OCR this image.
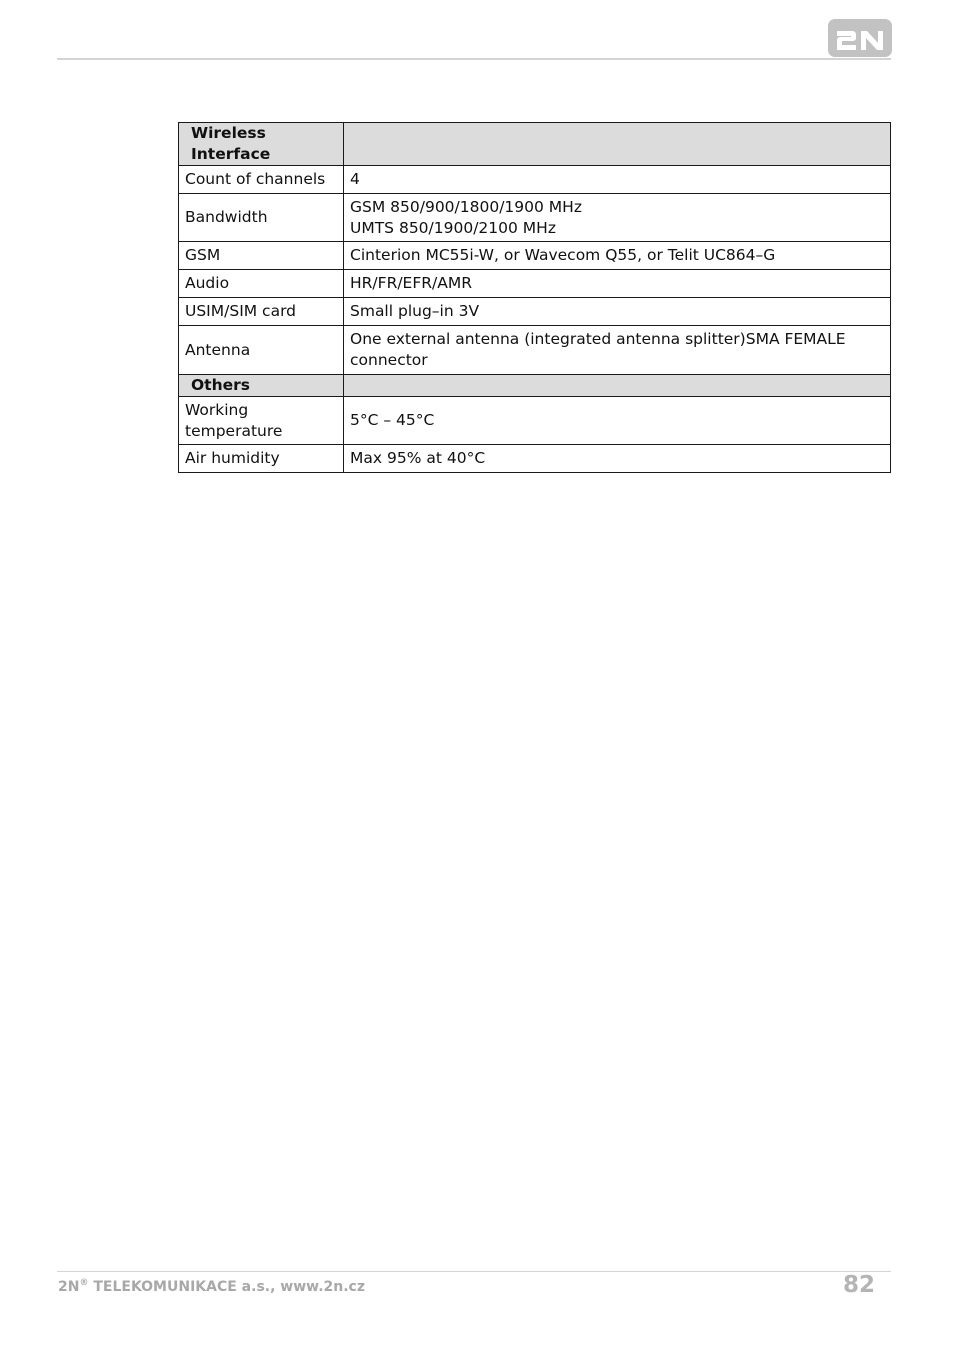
Wireless Interface	
Count of channels	4
Bandwidth	GSM 850/900/1800/1900 MHz
UMTS 850/1900/2100 MHz

GSM	Cinterion MC55i-W, or Wavecom Q55, or Telit UC864–G
Audio	HR/FR/EFR/AMR
USIM/SIM card	Small plug–in 3V
Antenna	One external antenna (integrated antenna splitter)SMA FEMALE connector
Others	
Working temperature	5°C – 45°C
Air humidity	Max 95% at 40°C
2N® TELEKOMUNIKACE a.s., www.2n.cz	82
